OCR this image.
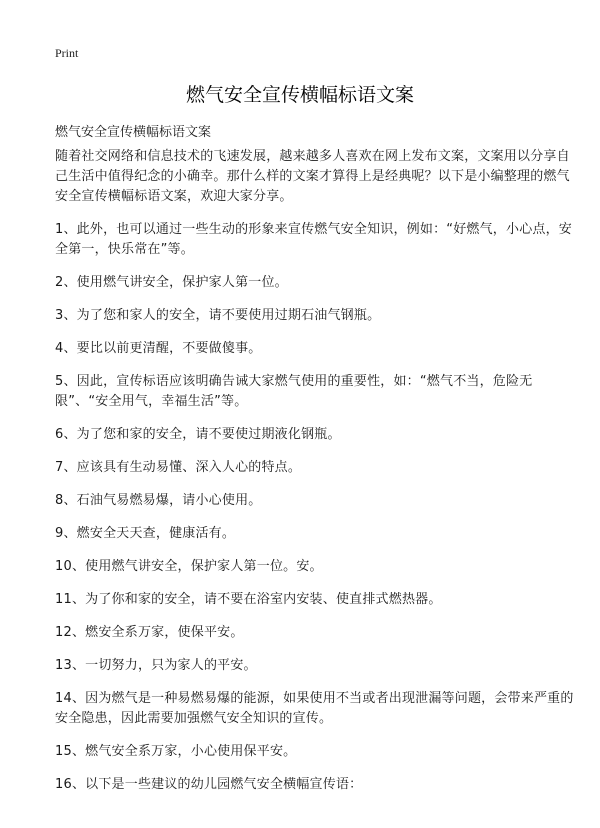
Print
燃气安全宣传横幅标语文案

燃气安全宣传横幅标语文案

随着社交网络和信息技术的飞速发展，越来越多人喜欢在网上发布文案，文案用以分享自己生活中值得纪念的小确幸。那什么样的文案才算得上是经典呢？以下是小编整理的燃气安全宣传横幅标语文案，欢迎大家分享。

1、此外，也可以通过一些生动的形象来宣传燃气安全知识，例如：“好燃气，小心点，安全第一，快乐常在”等。

2、使用燃气讲安全，保护家人第一位。

3、为了您和家人的安全，请不要使用过期石油气钢瓶。

4、要比以前更清醒，不要做傻事。

5、因此，宣传标语应该明确告诫大家燃气使用的重要性，如：“燃气不当，危险无限”、“安全用气，幸福生活”等。

6、为了您和家的安全，请不要使过期液化钢瓶。

7、应该具有生动易懂、深入人心的特点。

8、石油气易燃易爆，请小心使用。

9、燃安全天天查，健康活有。

10、使用燃气讲安全，保护家人第一位。安。

11、为了你和家的安全，请不要在浴室内安装、使直排式燃热器。

12、燃安全系万家，使保平安。

13、一切努力，只为家人的平安。

14、因为燃气是一种易燃易爆的能源，如果使用不当或者出现泄漏等问题，会带来严重的安全隐患，因此需要加强燃气安全知识的宣传。

15、燃气安全系万家，小心使用保平安。

16、以下是一些建议的幼儿园燃气安全横幅宣传语：
